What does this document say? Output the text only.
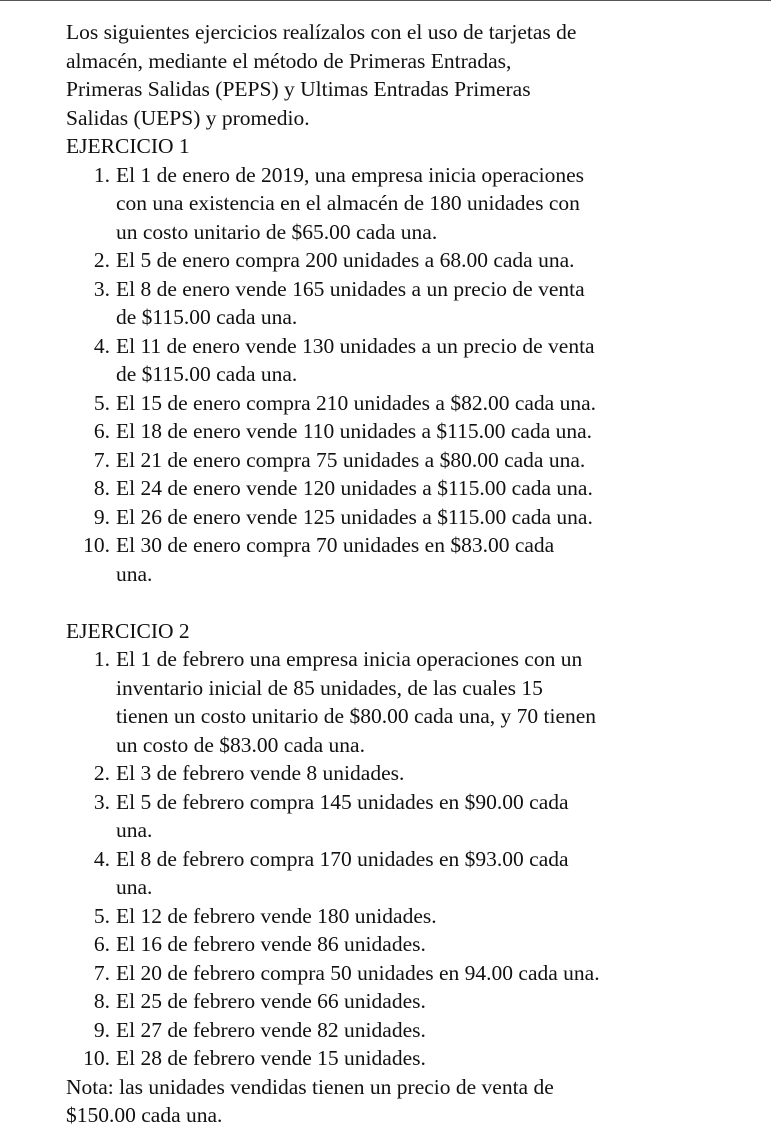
Los siguientes ejercicios realízalos con el uso de tarjetas de
almacén, mediante el método de Primeras Entradas,
Primeras Salidas (PEPS) y Ultimas Entradas Primeras
Salidas (UEPS) y promedio.
EJERCICIO 1
1. El 1 de enero de 2019, una empresa inicia operaciones
con una existencia en el almacén de 180 unidades con
un costo unitario de $65.00 cada una.
2. El 5 de enero compra 200 unidades a 68.00 cada una.
3. El 8 de enero vende 165 unidades a un precio de venta
de $115.00 cada una.
4. El 11 de enero vende 130 unidades a un precio de venta
de $115.00 cada una.
5. El 15 de enero compra 210 unidades a $82.00 cada una.
6. El 18 de enero vende 110 unidades a $115.00 cada una.
7. El 21 de enero compra 75 unidades a $80.00 cada una.
8. El 24 de enero vende 120 unidades a $115.00 cada una.
9. El 26 de enero vende 125 unidades a $115.00 cada una.
10. El 30 de enero compra 70 unidades en $83.00 cada
una.
EJERCICIO 2
1. El 1 de febrero una empresa inicia operaciones con un
inventario inicial de 85 unidades, de las cuales 15
tienen un costo unitario de $80.00 cada una, y 70 tienen
un costo de $83.00 cada una.
2. El 3 de febrero vende 8 unidades.
3. El 5 de febrero compra 145 unidades en $90.00 cada
una.
4. El 8 de febrero compra 170 unidades en $93.00 cada
una.
5. El 12 de febrero vende 180 unidades.
6. El 16 de febrero vende 86 unidades.
7. El 20 de febrero compra 50 unidades en 94.00 cada una.
8. El 25 de febrero vende 66 unidades.
9. El 27 de febrero vende 82 unidades.
10. El 28 de febrero vende 15 unidades.
Nota: las unidades vendidas tienen un precio de venta de
$150.00 cada una.
